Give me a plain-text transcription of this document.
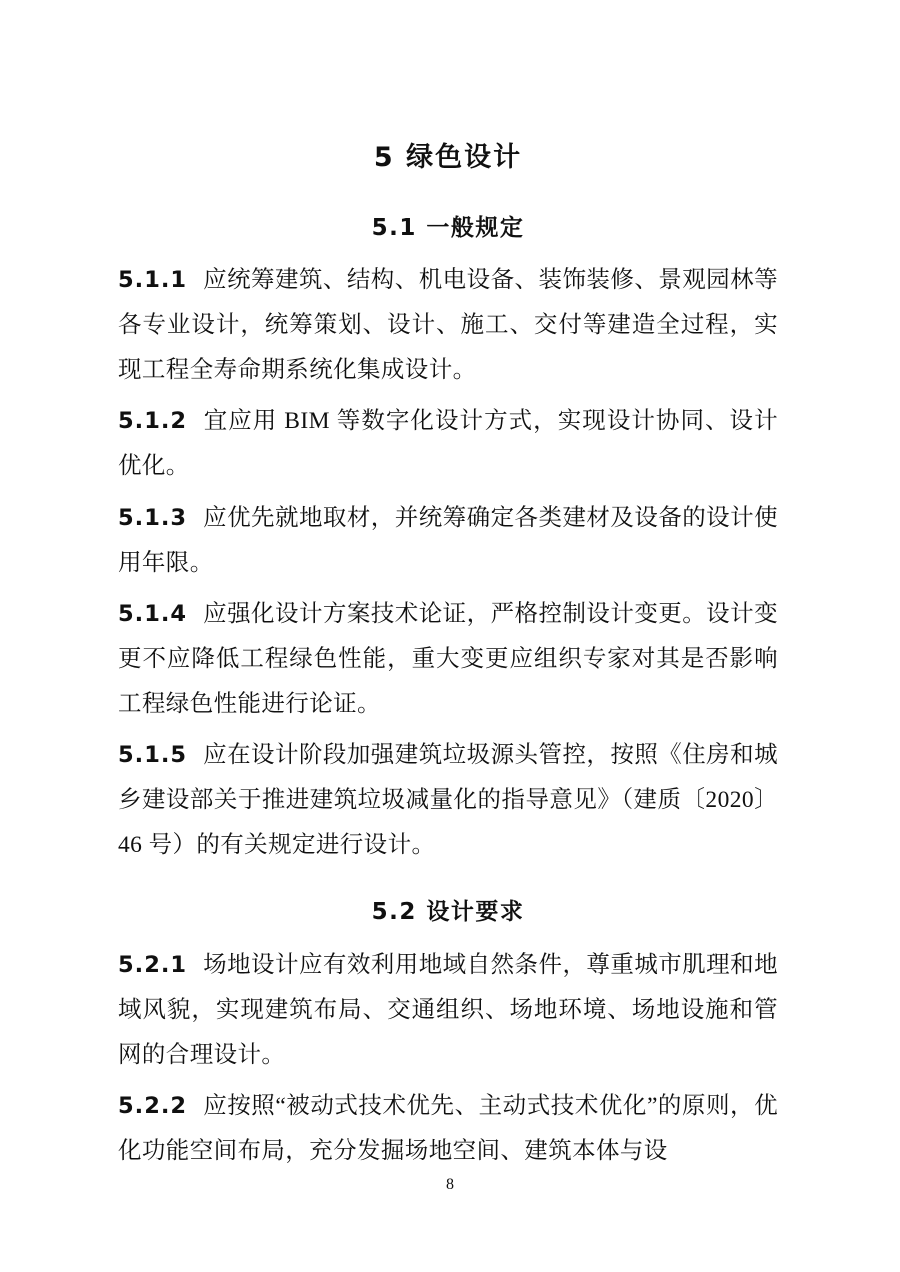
5 绿色设计
5.1 一般规定

5.1.1 应统筹建筑、结构、机电设备、装饰装修、景观园林等各专业设计，统筹策划、设计、施工、交付等建造全过程，实现工程全寿命期系统化集成设计。

5.1.2 宜应用 BIM 等数字化设计方式，实现设计协同、设计优化。

5.1.3 应优先就地取材，并统筹确定各类建材及设备的设计使用年限。

5.1.4 应强化设计方案技术论证，严格控制设计变更。设计变更不应降低工程绿色性能，重大变更应组织专家对其是否影响工程绿色性能进行论证。

5.1.5 应在设计阶段加强建筑垃圾源头管控，按照《住房和城乡建设部关于推进建筑垃圾减量化的指导意见》（建质〔2020〕46 号）的有关规定进行设计。

5.2 设计要求

5.2.1 场地设计应有效利用地域自然条件，尊重城市肌理和地域风貌，实现建筑布局、交通组织、场地环境、场地设施和管网的合理设计。

5.2.2 应按照“被动式技术优先、主动式技术优化”的原则，优化功能空间布局，充分发掘场地空间、建筑本体与设

8
